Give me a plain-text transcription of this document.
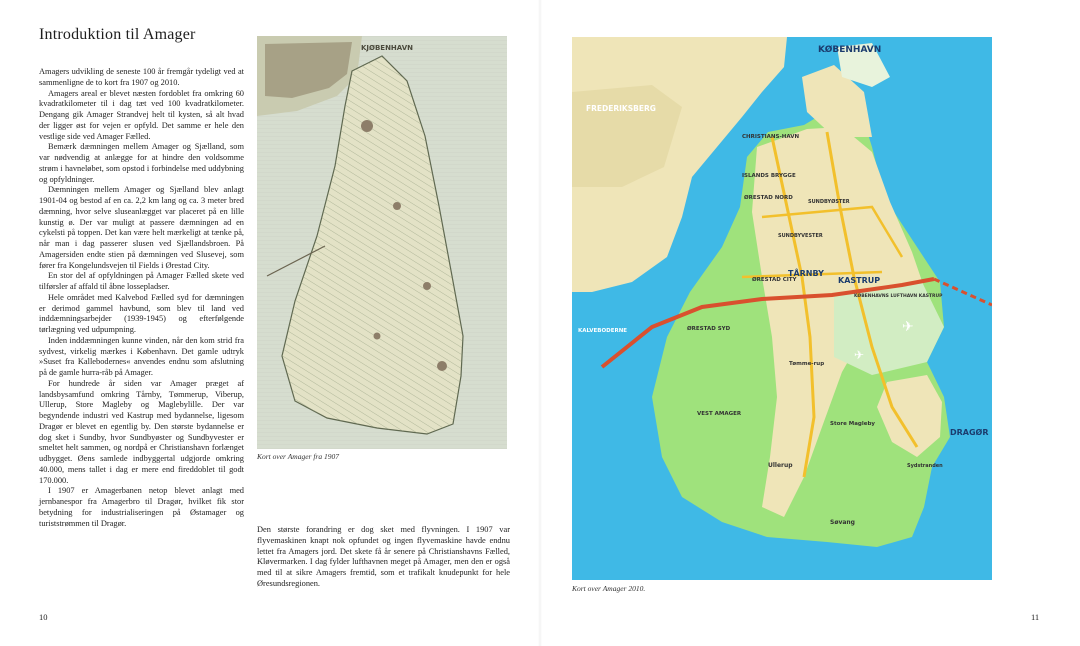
Introduktion til Amager

Amagers udvikling de seneste 100 år fremgår tydeligt ved at sammenligne de to kort fra 1907 og 2010.

Amagers areal er blevet næsten fordoblet fra omkring 60 kvadratkilometer til i dag tæt ved 100 kvadratkilometer. Dengang gik Amager Strandvej helt til kysten, så alt hvad der ligger øst for vejen er opfyld. Det samme er hele den vestlige side ved Amager Fælled.

Bemærk dæmningen mellem Amager og Sjælland, som var nødvendig at anlægge for at hindre den voldsomme strøm i havneløbet, som opstod i forbindelse med uddybning og opfyldninger.

Dæmningen mellem Amager og Sjælland blev anlagt 1901-04 og bestod af en ca. 2,2 km lang og ca. 3 meter bred dæmning, hvor selve sluseanlægget var placeret på en lille kunstig ø. Der var muligt at passere dæmningen ad en cykelsti på toppen. Det kan være helt mærkeligt at tænke på, når man i dag passerer slusen ved Sjællandsbroen. På Amagersiden endte stien på dæmningen ved Slusevej, som fører fra Kongelundsvejen til Fields i Ørestad City.

En stor del af opfyldningen på Amager Fælled skete ved tilførsler af affald til åbne lossepladser.

Hele området med Kalvebod Fælled syd for dæmningen er derimod gammel havbund, som blev til land ved inddæmningsarbejder (1939-1945) og efterfølgende tørlægning ved udpumpning.

Inden inddæmningen kunne vinden, når den kom strid fra sydvest, virkelig mærkes i København. Det gamle udtryk »Suset fra Kallebodernes« anvendes endnu som afslutning på de gamle hurra-råb på Amager.

For hundrede år siden var Amager præget af landsbysamfund omkring Tårnby, Tømmerup, Viberup, Ullerup, Store Magleby og Maglebylille. Der var begyndende industri ved Kastrup med bydannelse, ligesom Dragør er blevet en egentlig by. Den største bydannelse er dog sket i Sundby, hvor Sundbyøster og Sundbyvester er smeltet helt sammen, og nordpå er Christianshavn forlænget udbygget. Øens samlede indbyggertal udgjorde omkring 40.000, mens tallet i dag er mere end fireddoblet til godt 170.000.

I 1907 er Amagerbanen netop blevet anlagt med jernbanespor fra Amagerbro til Dragør, hvilket fik stor betydning for industrialiseringen på Østamager og turiststrømmen til Dragør.

KJØBENHAVN
Kort over Amager fra 1907

Den største forandring er dog sket med flyvningen. I 1907 var flyvemaskinen knapt nok opfundet og ingen flyvemaskine havde endnu lettet fra Amagers jord. Det skete få år senere på Christianshavns Fælled, Kløvermarken. I dag fylder lufthavnen meget på Amager, men den er også med til at sikre Amagers fremtid, som et trafikalt knudepunkt for hele Øresundsregionen.

✈
✈
KØBENHAVN
FREDERIKSBERG
CHRISTIANS-HAVN
ISLANDS BRYGGE
ØRESTAD NORD
SUNDBYØSTER
SUNDBYVESTER
ØRESTAD CITY
TÅRNBY
KASTRUP
KALVEBODERNE	ØRESTAD SYD
KØBENHAVNS LUFTHAVN KASTRUP
Tømme-rup
VEST AMAGER
Store Magleby
Ullerup
DRAGØR
Sydstranden
Søvang
Kort over Amager 2010.
10	11
